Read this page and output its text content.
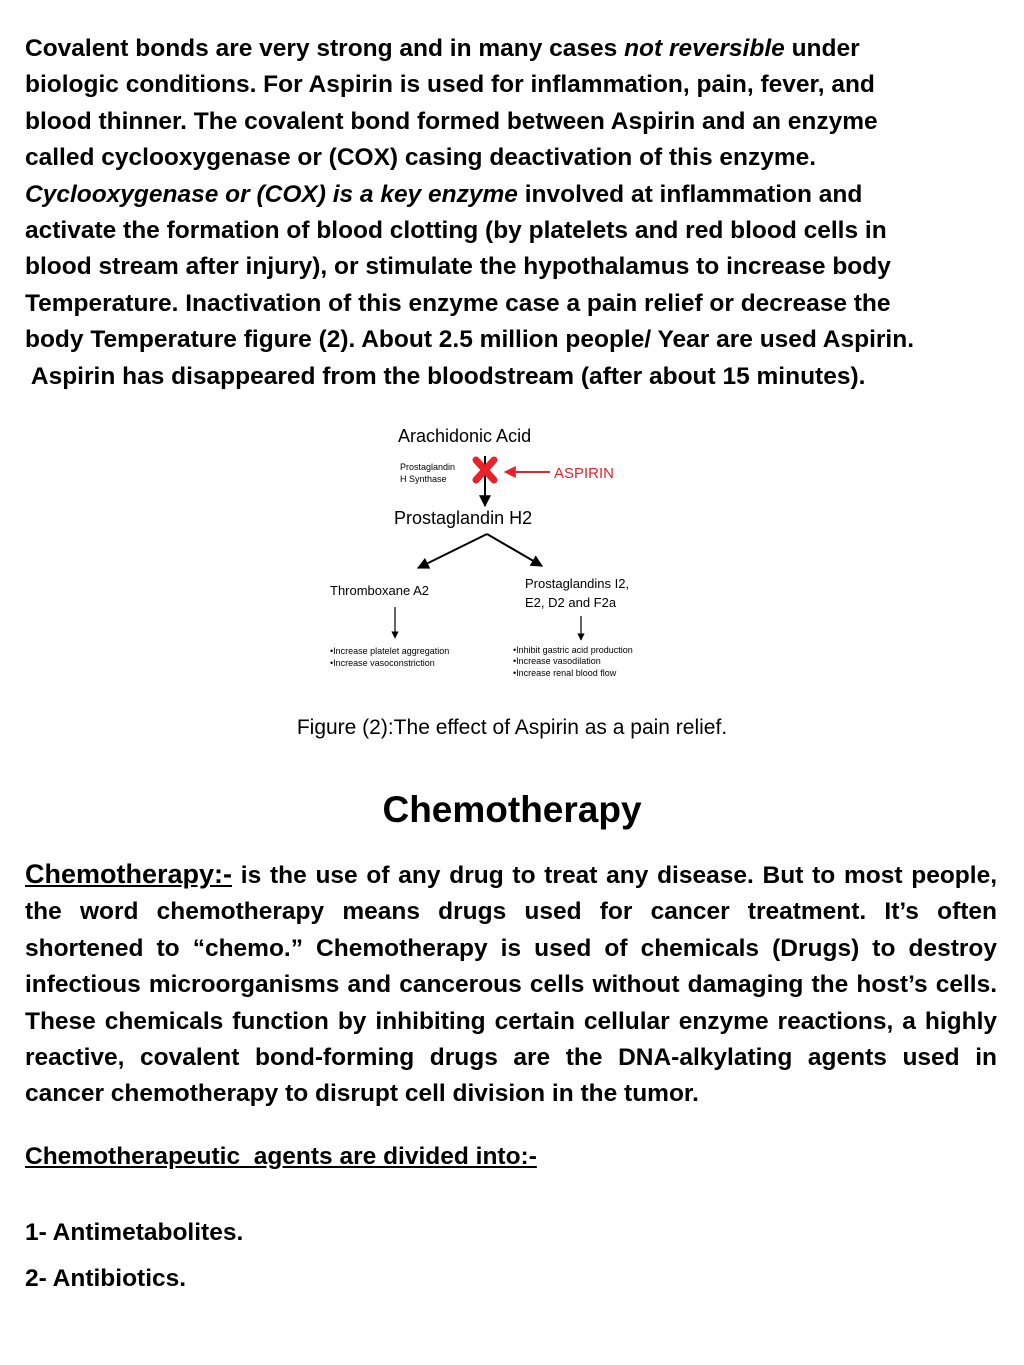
Covalent bonds are very strong and in many cases not reversible under
biologic conditions. For Aspirin is used for inflammation, pain, fever, and
blood thinner. The covalent bond formed between Aspirin and an enzyme
called cyclooxygenase or (COX) casing deactivation of this enzyme.
Cyclooxygenase or (COX) is a key enzyme involved at inflammation and
activate the formation of blood clotting (by platelets and red blood cells in
blood stream after injury), or stimulate the hypothalamus to increase body
Temperature. Inactivation of this enzyme case a pain relief or decrease the
body Temperature figure (2). About 2.5 million people/ Year are used Aspirin.
Aspirin has disappeared from the bloodstream (after about 15 minutes).
Arachidonic Acid
Prostaglandin
H Synthase	ASPIRIN
Prostaglandin H2
Thromboxane A2	Prostaglandins I2,
E2, D2 and F2a
•Increase platelet aggregation
•Increase vasoconstriction
•Inhibit gastric acid production
•Increase vasodilation
•Increase renal blood flow
Figure (2):The effect of Aspirin as a pain relief.
Chemotherapy
Chemotherapy:- is the use of any drug to treat any disease. But to most people, the word chemotherapy means drugs used for cancer treatment. It’s often shortened to “chemo.” Chemotherapy is used of chemicals (Drugs) to destroy infectious microorganisms and cancerous cells without damaging the host’s cells. These chemicals function by inhibiting certain cellular enzyme reactions, a highly reactive, covalent bond-forming drugs are the DNA-alkylating agents used in cancer chemotherapy to disrupt cell division in the tumor.
Chemotherapeutic  agents are divided into:-
1- Antimetabolites.
2- Antibiotics.
